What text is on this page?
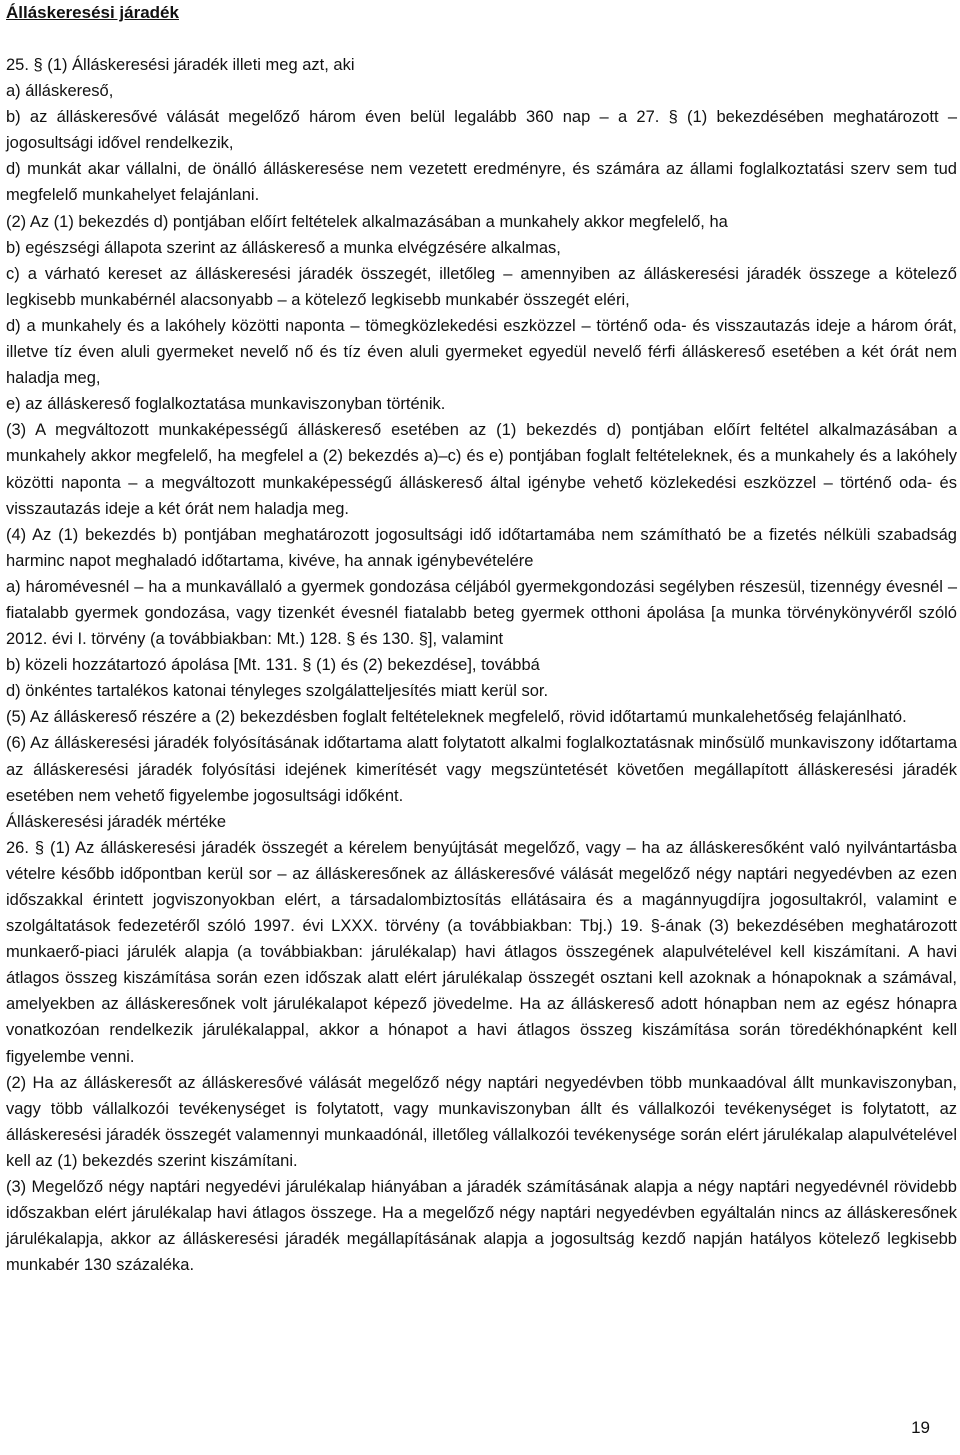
Álláskeresési járadék

25. § (1) Álláskeresési járadék illeti meg azt, aki

a) álláskereső,

b) az álláskeresővé válását megelőző három éven belül legalább 360 nap – a 27. § (1) bekezdésében meghatározott – jogosultsági idővel rendelkezik,

d) munkát akar vállalni, de önálló álláskeresése nem vezetett eredményre, és számára az állami foglalkoztatási szerv sem tud megfelelő munkahelyet felajánlani.

(2) Az (1) bekezdés d) pontjában előírt feltételek alkalmazásában a munkahely akkor megfelelő, ha

b) egészségi állapota szerint az álláskereső a munka elvégzésére alkalmas,

c) a várható kereset az álláskeresési járadék összegét, illetőleg – amennyiben az álláskeresési járadék összege a kötelező legkisebb munkabérnél alacsonyabb – a kötelező legkisebb munkabér összegét eléri,

d) a munkahely és a lakóhely közötti naponta – tömegközlekedési eszközzel – történő oda- és visszautazás ideje a három órát, illetve tíz éven aluli gyermeket nevelő nő és tíz éven aluli gyermeket egyedül nevelő férfi álláskereső esetében a két órát nem haladja meg,

e) az álláskereső foglalkoztatása munkaviszonyban történik.

(3) A megváltozott munkaképességű álláskereső esetében az (1) bekezdés d) pontjában előírt feltétel alkalmazásában a munkahely akkor megfelelő, ha megfelel a (2) bekezdés a)–c) és e) pontjában foglalt feltételeknek, és a munkahely és a lakóhely közötti naponta – a megváltozott munkaképességű álláskereső által igénybe vehető közlekedési eszközzel – történő oda- és visszautazás ideje a két órát nem haladja meg.

(4) Az (1) bekezdés b) pontjában meghatározott jogosultsági idő időtartamába nem számítható be a fizetés nélküli szabadság harminc napot meghaladó időtartama, kivéve, ha annak igénybevételére

a) háromévesnél – ha a munkavállaló a gyermek gondozása céljából gyermekgondozási segélyben részesül, tizennégy évesnél – fiatalabb gyermek gondozása, vagy tizenkét évesnél fiatalabb beteg gyermek otthoni ápolása [a munka törvénykönyvéről szóló 2012. évi I. törvény (a továbbiakban: Mt.) 128. § és 130. §], valamint

b) közeli hozzátartozó ápolása [Mt. 131. § (1) és (2) bekezdése], továbbá

d) önkéntes tartalékos katonai tényleges szolgálatteljesítés miatt kerül sor.

(5) Az álláskereső részére a (2) bekezdésben foglalt feltételeknek megfelelő, rövid időtartamú munkalehetőség felajánlható.

(6) Az álláskeresési járadék folyósításának időtartama alatt folytatott alkalmi foglalkoztatásnak minősülő munkaviszony időtartama az álláskeresési járadék folyósítási idejének kimerítését vagy megszüntetését követően megállapított álláskeresési járadék esetében nem vehető figyelembe jogosultsági időként.

Álláskeresési járadék mértéke

26. § (1) Az álláskeresési járadék összegét a kérelem benyújtását megelőző, vagy – ha az álláskeresőként való nyilvántartásba vételre később időpontban kerül sor – az álláskeresőnek az álláskeresővé válását megelőző négy naptári negyedévben az ezen időszakkal érintett jogviszonyokban elért, a társadalombiztosítás ellátásaira és a magánnyugdíjra jogosultakról, valamint e szolgáltatások fedezetéről szóló 1997. évi LXXX. törvény (a továbbiakban: Tbj.) 19. §-ának (3) bekezdésében meghatározott munkaerő-piaci járulék alapja (a továbbiakban: járulékalap) havi átlagos összegének alapulvételével kell kiszámítani. A havi átlagos összeg kiszámítása során ezen időszak alatt elért járulékalap összegét osztani kell azoknak a hónapoknak a számával, amelyekben az álláskeresőnek volt járulékalapot képező jövedelme. Ha az álláskereső adott hónapban nem az egész hónapra vonatkozóan rendelkezik járulékalappal, akkor a hónapot a havi átlagos összeg kiszámítása során töredékhónapként kell figyelembe venni.

(2) Ha az álláskeresőt az álláskeresővé válását megelőző négy naptári negyedévben több munkaadóval állt munkaviszonyban, vagy több vállalkozói tevékenységet is folytatott, vagy munkaviszonyban állt és vállalkozói tevékenységet is folytatott, az álláskeresési járadék összegét valamennyi munkaadónál, illetőleg vállalkozói tevékenysége során elért járulékalap alapulvételével kell az (1) bekezdés szerint kiszámítani.

(3) Megelőző négy naptári negyedévi járulékalap hiányában a járadék számításának alapja a négy naptári negyedévnél rövidebb időszakban elért járulékalap havi átlagos összege. Ha a megelőző négy naptári negyedévben egyáltalán nincs az álláskeresőnek járulékalapja, akkor az álláskeresési járadék megállapításának alapja a jogosultság kezdő napján hatályos kötelező legkisebb munkabér 130 százaléka.

19
